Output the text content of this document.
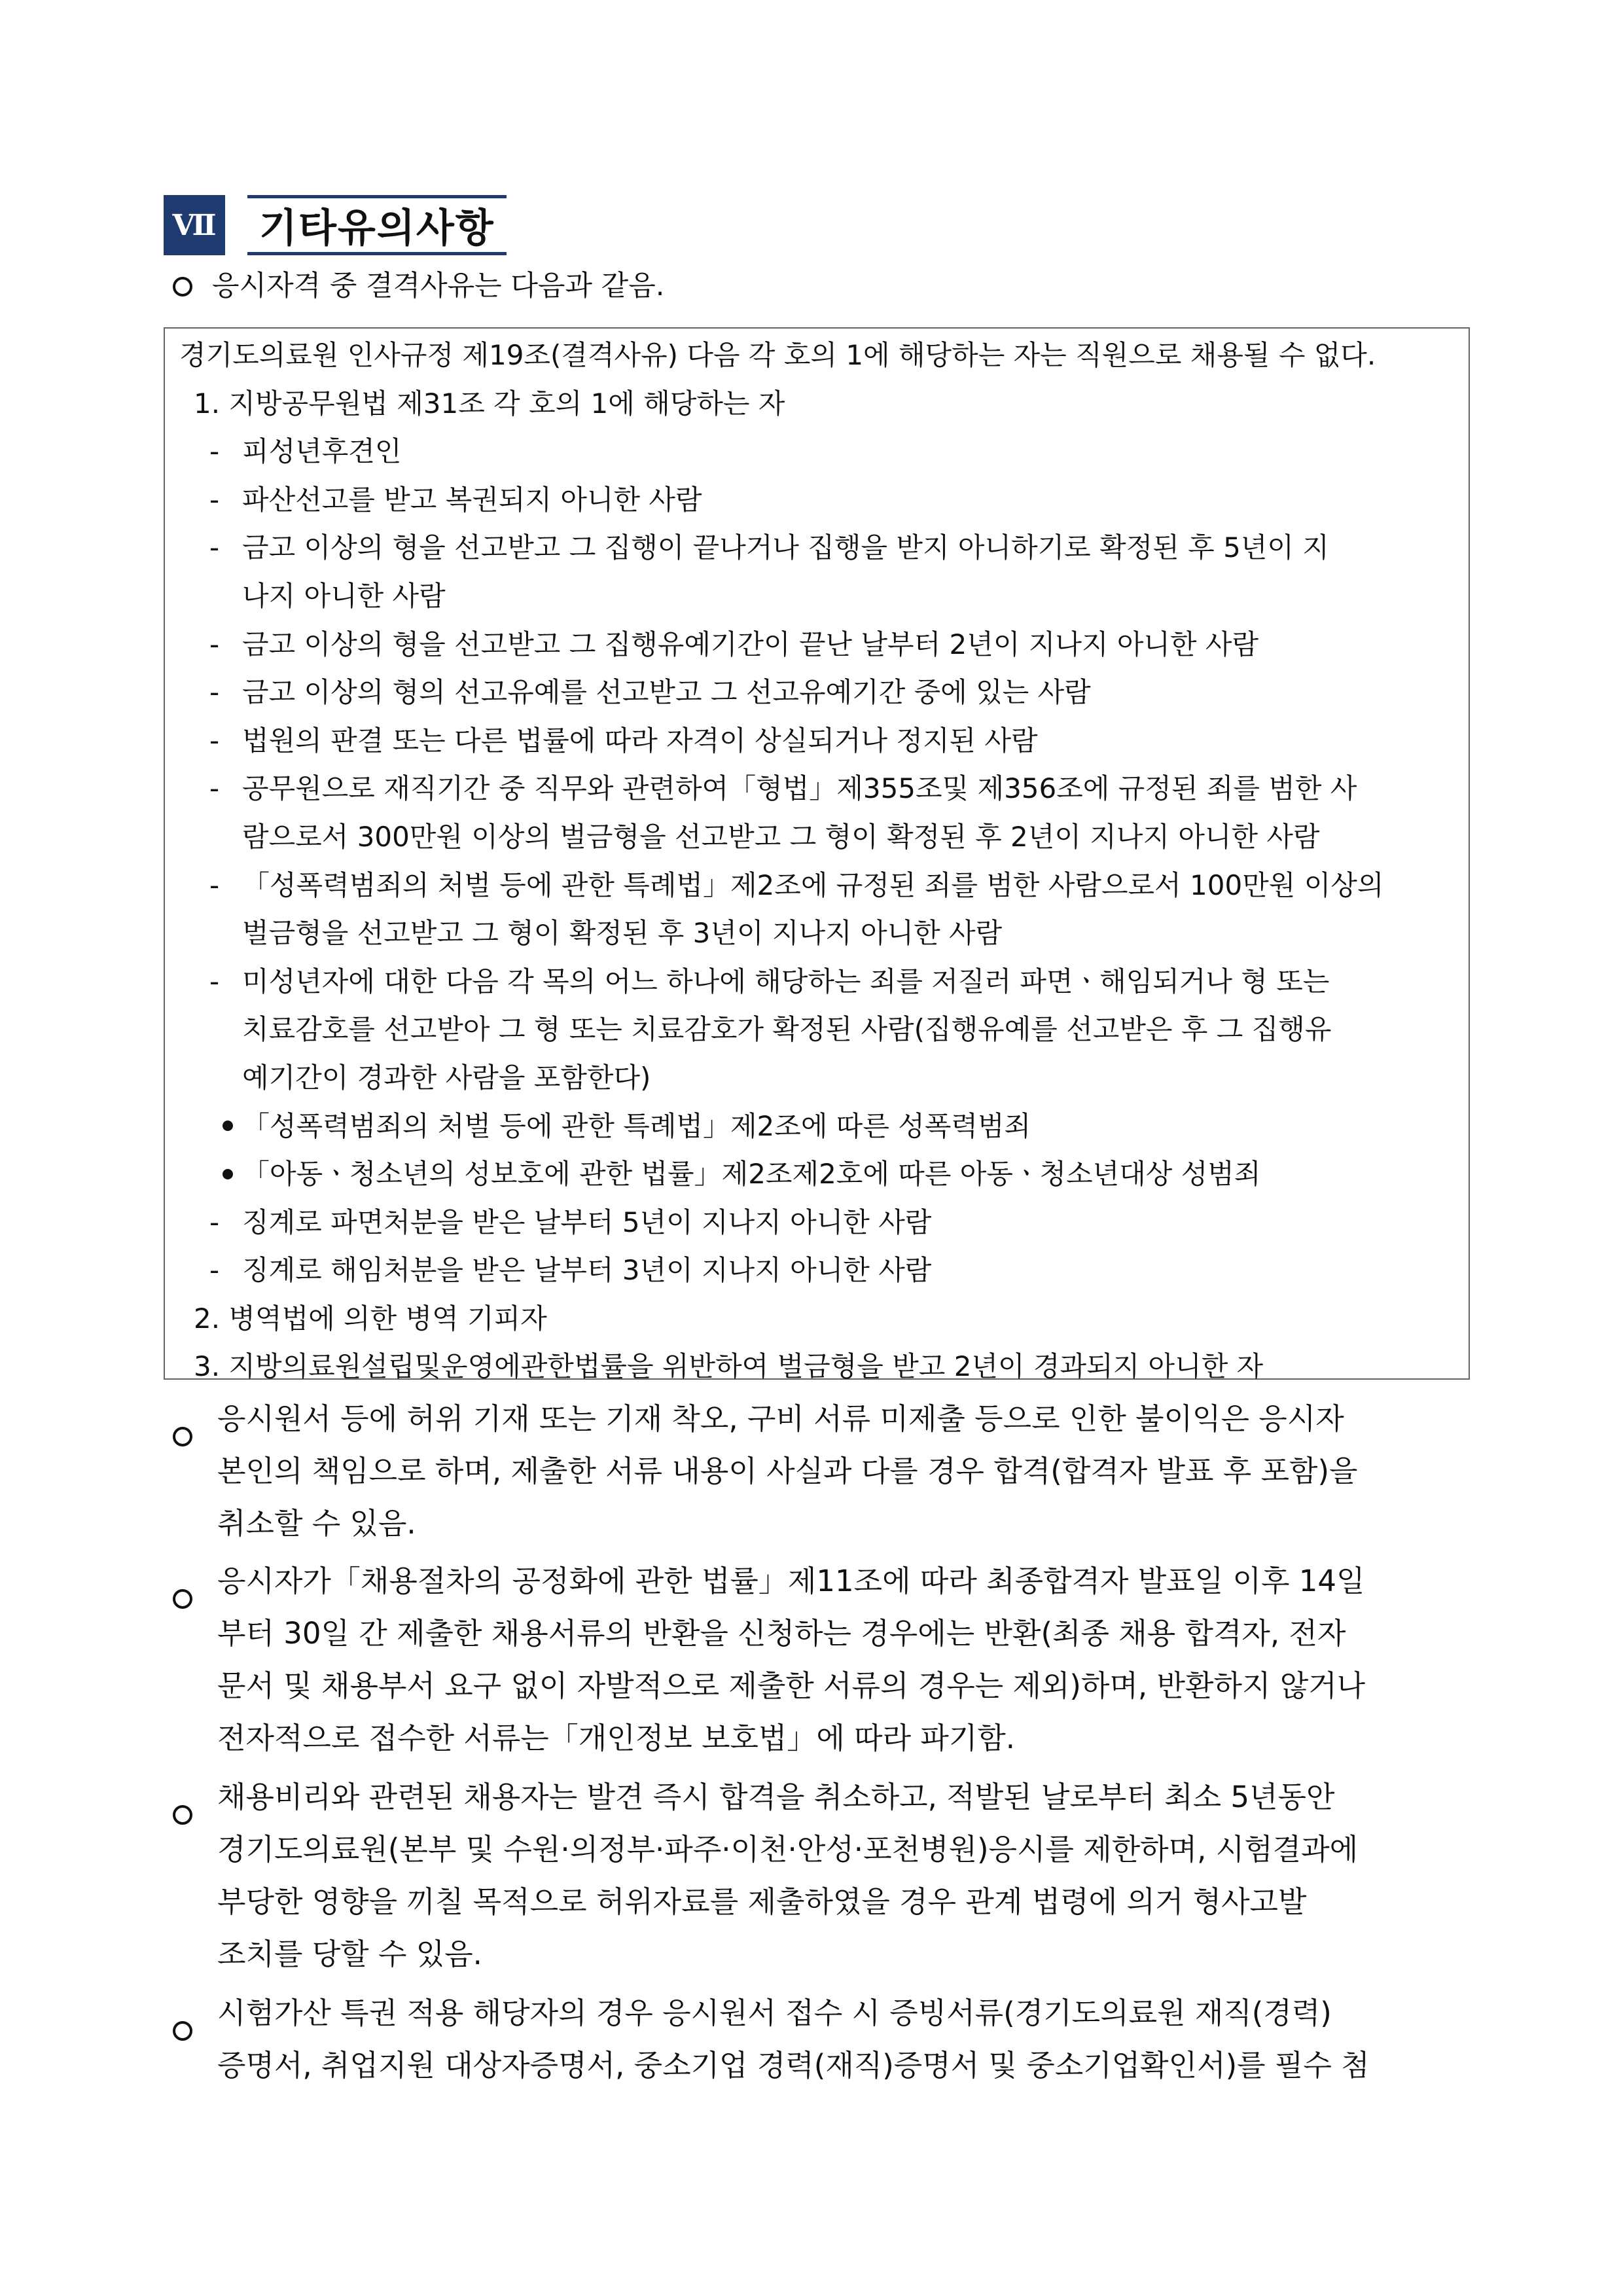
Ⅶ 기타유의사항
응시자격 중 결격사유는 다음과 같음.
경기도의료원 인사규정 제19조(결격사유) 다음 각 호의 1에 해당하는 자는 직원으로 채용될 수 없다.
1. 지방공무원법 제31조 각 호의 1에 해당하는 자
- 피성년후견인
- 파산선고를 받고 복권되지 아니한 사람
- 금고 이상의 형을 선고받고 그 집행이 끝나거나 집행을 받지 아니하기로 확정된 후 5년이 지
나지 아니한 사람
- 금고 이상의 형을 선고받고 그 집행유예기간이 끝난 날부터 2년이 지나지 아니한 사람
- 금고 이상의 형의 선고유예를 선고받고 그 선고유예기간 중에 있는 사람
- 법원의 판결 또는 다른 법률에 따라 자격이 상실되거나 정지된 사람
- 공무원으로 재직기간 중 직무와 관련하여「형법」제355조및 제356조에 규정된 죄를 범한 사
람으로서 300만원 이상의 벌금형을 선고받고 그 형이 확정된 후 2년이 지나지 아니한 사람
- 「성폭력범죄의 처벌 등에 관한 특례법」제2조에 규정된 죄를 범한 사람으로서 100만원 이상의
벌금형을 선고받고 그 형이 확정된 후 3년이 지나지 아니한 사람
- 미성년자에 대한 다음 각 목의 어느 하나에 해당하는 죄를 저질러 파면ㆍ해임되거나 형 또는
치료감호를 선고받아 그 형 또는 치료감호가 확정된 사람(집행유예를 선고받은 후 그 집행유
예기간이 경과한 사람을 포함한다)
「성폭력범죄의 처벌 등에 관한 특례법」제2조에 따른 성폭력범죄
「아동ㆍ청소년의 성보호에 관한 법률」제2조제2호에 따른 아동ㆍ청소년대상 성범죄
- 징계로 파면처분을 받은 날부터 5년이 지나지 아니한 사람
- 징계로 해임처분을 받은 날부터 3년이 지나지 아니한 사람
2. 병역법에 의한 병역 기피자
3. 지방의료원설립및운영에관한법률을 위반하여 벌금형을 받고 2년이 경과되지 아니한 자
응시원서 등에 허위 기재 또는 기재 착오, 구비 서류 미제출 등으로 인한 불이익은 응시자
본인의 책임으로 하며, 제출한 서류 내용이 사실과 다를 경우 합격(합격자 발표 후 포함)을
취소할 수 있음.
응시자가「채용절차의 공정화에 관한 법률」제11조에 따라 최종합격자 발표일 이후 14일
부터 30일 간 제출한 채용서류의 반환을 신청하는 경우에는 반환(최종 채용 합격자, 전자
문서 및 채용부서 요구 없이 자발적으로 제출한 서류의 경우는 제외)하며, 반환하지 않거나
전자적으로 접수한 서류는「개인정보 보호법」에 따라 파기함.
채용비리와 관련된 채용자는 발견 즉시 합격을 취소하고, 적발된 날로부터 최소 5년동안
경기도의료원(본부 및 수원·의정부·파주·이천·안성·포천병원)응시를 제한하며, 시험결과에
부당한 영향을 끼칠 목적으로 허위자료를 제출하였을 경우 관계 법령에 의거 형사고발
조치를 당할 수 있음.
시험가산 특권 적용 해당자의 경우 응시원서 접수 시 증빙서류(경기도의료원 재직(경력)
증명서, 취업지원 대상자증명서, 중소기업 경력(재직)증명서 및 중소기업확인서)를 필수 첨
